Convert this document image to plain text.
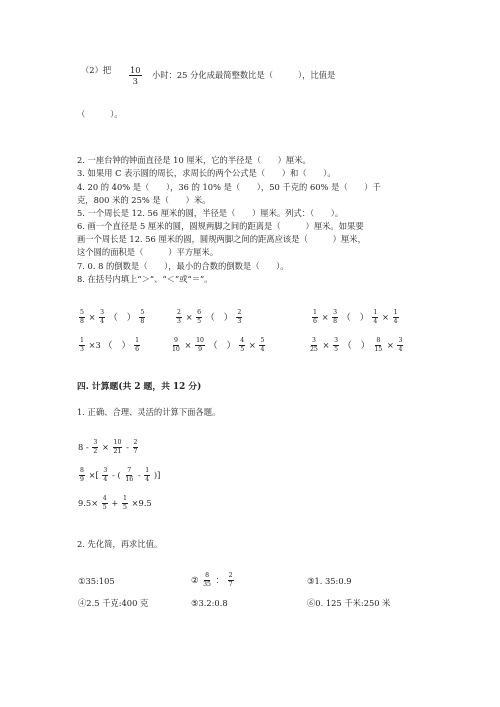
（2）把 $\frac{10}{3}$ 小时：25 分化成最简整数比是（　　　），比值是
（　　　）。
2. 一座台钟的钟面直径是 10 厘米，它的半径是（　　）厘米。
3. 如果用 C 表示圆的周长，求周长的两个公式是（　　）和（　　）。
4. 20 的 40% 是（　　），36 的 10% 是（　　），50 千克的 60% 是（　　）千
克，800 米的 25% 是（　　）米。
5. 一个周长是 12. 56 厘米的圆，半径是（　　）厘米。列式：（　　）。
6. 画一个直径是 5 厘米的圆，圆规两脚之间的距离是（　　　）厘米。如果要
画一个周长是 12. 56 厘米的圆，圆规两脚之间的距离应该是（　　　）厘米，
这个圆的面积是（　　　）平方厘米。
7. 0. 8 的倒数是（　　），最小的合数的倒数是（　　）。
8. 在括号内填上“＞”、“＜”或“＝”。
$\frac{5}{8} \times \frac{3}{4}$ （　） $\frac{5}{8}$	$\frac{2}{3} \times \frac{6}{5}$ （　） $\frac{2}{3}$	$\frac{1}{6} \times \frac{3}{8}$ （　） $\frac{1}{4} \times \frac{1}{4}$
$\frac{1}{3} \times 3$ （　） $\frac{1}{6}$	$\frac{9}{10} \times \frac{10}{9}$ （　） $\frac{4}{5} \times \frac{5}{4}$	$\frac{3}{25} \times \frac{3}{5}$ （　） $\frac{8}{15} \times \frac{3}{4}$
四. 计算题(共 2 题，共 12 分)
1. 正确、合理、灵活的计算下面各题。
$8 - \frac{3}{2} \times \frac{10}{21} - \frac{2}{7}$
$\frac{8}{9}$ ×[ $\frac{3}{4}$ - ( $\frac{7}{16} - \frac{1}{4}$ )]
$9.5\times \frac{4}{5} + \frac{1}{5} \times 9.5$
2. 先化简，再求比值。
①35:105	② $\frac{8}{35}$ ： $\frac{2}{7}$	③1. 35:0.9
④2.5 千克:400 克	⑤3.2:0.8	⑥0. 125 千米:250 米
